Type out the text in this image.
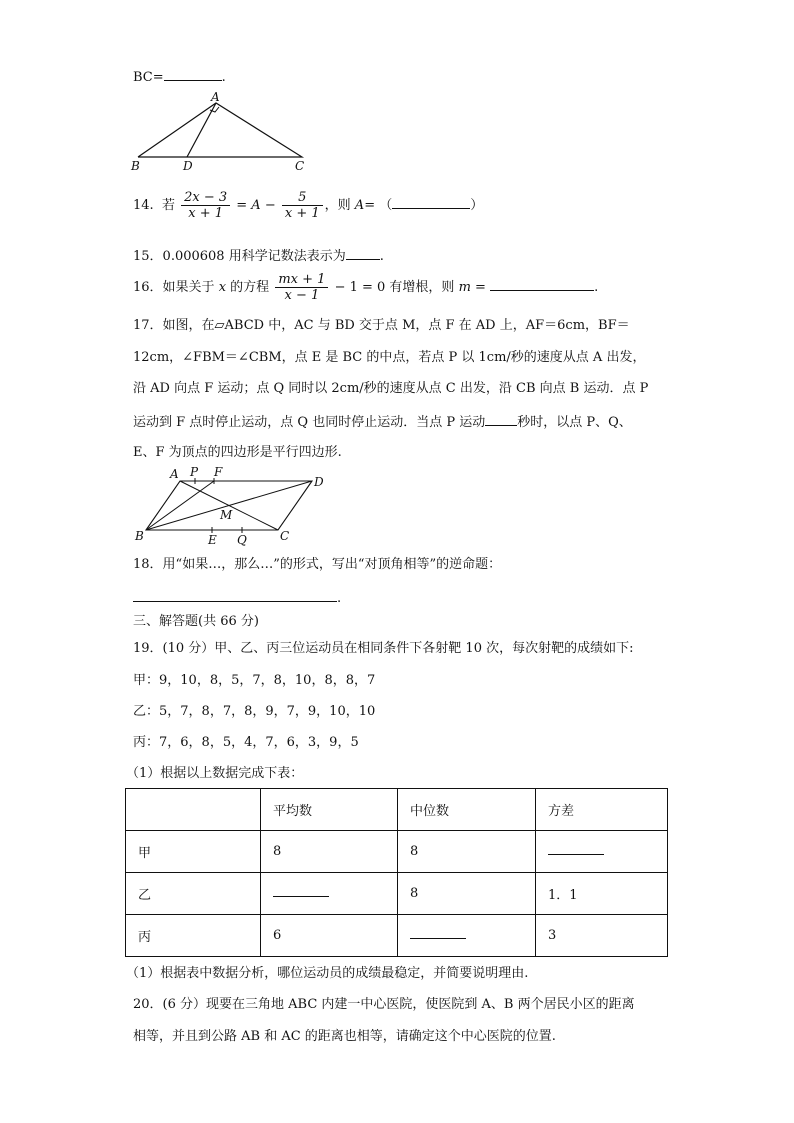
BC=	.
A
B	D	C
14. 若 $\frac{2x - 3}{x + 1} = A - \frac{5}{x + 1}$ ，则 A= （	）
15．0.000608 用科学记数法表示为	.
16．如果关于 x 的方程 $\frac{mx + 1}{x - 1} - 1 = 0$ 有增根，则 m =	.
17．如图，在▱ABCD 中，AC 与 BD 交于点 M，点 F 在 AD 上，AF＝6cm，BF＝
12cm，∠FBM＝∠CBM，点 E 是 BC 的中点，若点 P 以 1cm/秒的速度从点 A 出发，
沿 AD 向点 F 运动；点 Q 同时以 2cm/秒的速度从点 C 出发，沿 CB 向点 B 运动．点 P
运动到 F 点时停止运动，点 Q 也同时停止运动．当点 P 运动 秒时，以点 P、Q、
E、F 为顶点的四边形是平行四边形.
A P F
D
M
B	E Q	C
18．用“如果…，那么…”的形式，写出“对顶角相等”的逆命题：
.
三、解答题(共 66 分)
19．(10 分）甲、乙、丙三位运动员在相同条件下各射靶 10 次，每次射靶的成绩如下:
甲：9，10，8，5，7，8，10，8，8，7
乙：5，7，8，7，8，9，7，9，10，10
丙：7，6，8，5，4，7，6，3，9，5
（1）根据以上数据完成下表：
	平均数	中位数	方差
甲	8	8	
乙		8	1．1
丙	6		3
（1）根据表中数据分析，哪位运动员的成绩最稳定，并简要说明理由.
20．(6 分）现要在三角地 ABC 内建一中心医院，使医院到 A、B 两个居民小区的距离
相等，并且到公路 AB 和 AC 的距离也相等，请确定这个中心医院的位置.
